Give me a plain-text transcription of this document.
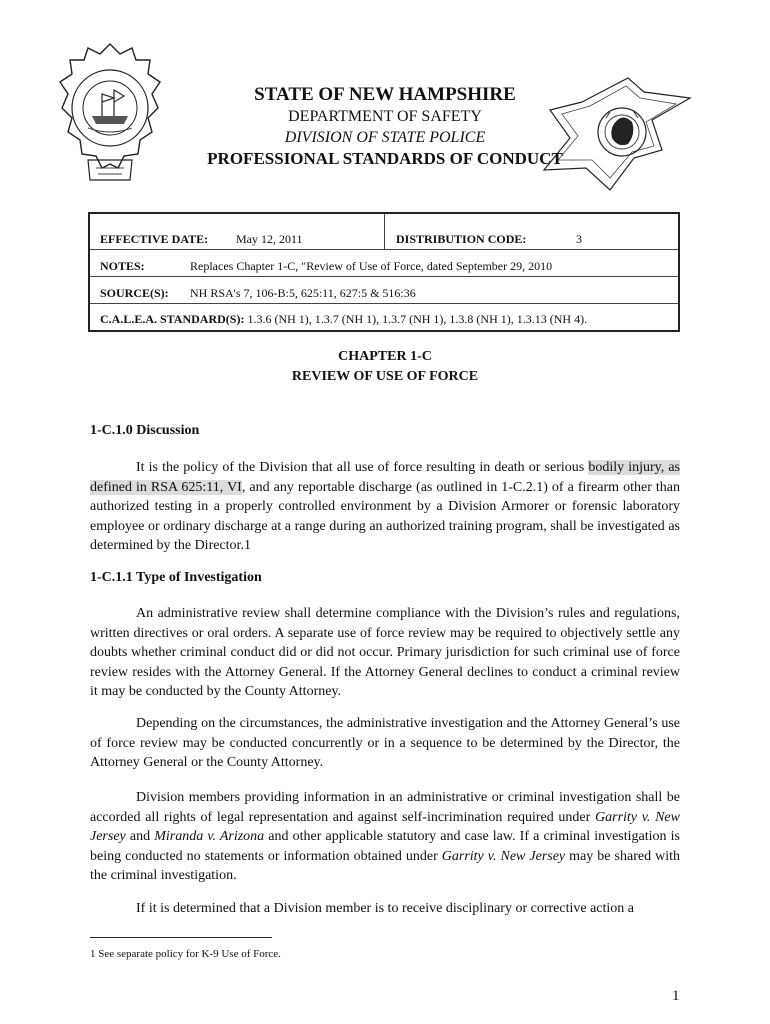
STATE OF NEW HAMPSHIRE
DEPARTMENT OF SAFETY
DIVISION OF STATE POLICE
PROFESSIONAL STANDARDS OF CONDUCT
EFFECTIVE DATE: May 12, 2011	DISTRIBUTION CODE:	3
NOTES:	Replaces Chapter 1-C, "Review of Use of Force, dated September 29, 2010
SOURCE(S): NH RSA's 7, 106-B:5, 625:11, 627:5 & 516:36
C.A.L.E.A. STANDARD(S): 1.3.6 (NH 1), 1.3.7 (NH 1), 1.3.7 (NH 1), 1.3.8 (NH 1), 1.3.13 (NH 4).
CHAPTER 1-C
REVIEW OF USE OF FORCE
1-C.1.0 Discussion
It is the policy of the Division that all use of force resulting in death or serious bodily injury, as defined in RSA 625:11, VI, and any reportable discharge (as outlined in 1-C.2.1) of a firearm other than authorized testing in a properly controlled environment by a Division Armorer or forensic laboratory employee or ordinary discharge at a range during an authorized training program, shall be investigated as determined by the Director.1
1-C.1.1 Type of Investigation
An administrative review shall determine compliance with the Division’s rules and regulations, written directives or oral orders. A separate use of force review may be required to objectively settle any doubts whether criminal conduct did or did not occur. Primary jurisdiction for such criminal use of force review resides with the Attorney General. If the Attorney General declines to conduct a criminal review it may be conducted by the County Attorney.
Depending on the circumstances, the administrative investigation and the Attorney General’s use of force review may be conducted concurrently or in a sequence to be determined by the Director, the Attorney General or the County Attorney.
Division members providing information in an administrative or criminal investigation shall be accorded all rights of legal representation and against self-incrimination required under Garrity v. New Jersey and Miranda v. Arizona and other applicable statutory and case law. If a criminal investigation is being conducted no statements or information obtained under Garrity v. New Jersey may be shared with the criminal investigation.
If it is determined that a Division member is to receive disciplinary or corrective action a
1 See separate policy for K-9 Use of Force.
1
